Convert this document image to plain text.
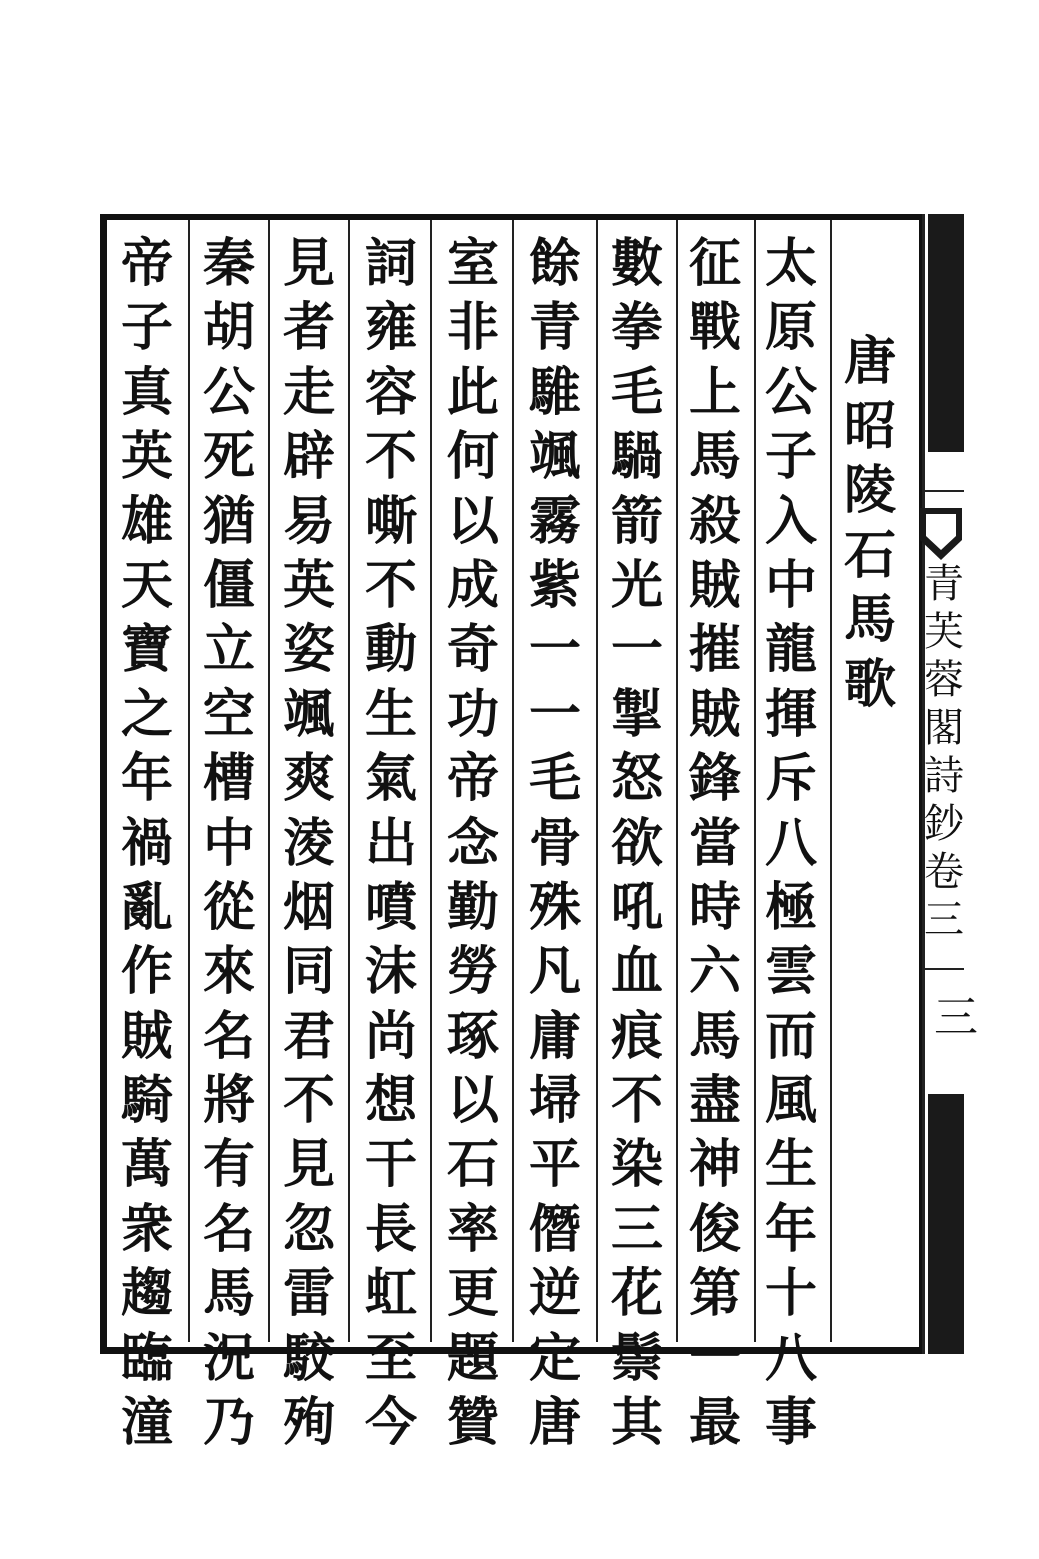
唐
昭
陵
石
馬
歌
太
原
公
子
入
中
龍
揮
斥
八
極
雲
而
風
生
年
十
八
事
征
戰
上
馬
殺
賊
摧
賊
鋒
當
時
六
馬
盡
神
俊
第
一
最
數
拳
毛
騧
箭
光
一
掣
怒
欲
吼
血
痕
不
染
三
花
鬃
其
餘
青
騅
颯
霧
紫
一
一
毛
骨
殊
凡
庸
埽
平
僭
逆
定
唐
室
非
此
何
以
成
奇
功
帝
念
勤
勞
琢
以
石
率
更
題
贊
詞
雍
容
不
嘶
不
動
生
氣
出
噴
沫
尚
想
干
長
虹
至
今
見
者
走
辟
易
英
姿
颯
爽
淩
烟
同
君
不
見
忽
雷
駮
殉
秦
胡
公
死
猶
僵
立
空
槽
中
從
來
名
將
有
名
馬
況
乃
帝
子
真
英
雄
天
寶
之
年
禍
亂
作
賊
騎
萬
衆
趨
臨
潼
青
芙
蓉
閣
詩
鈔
卷
三
三
